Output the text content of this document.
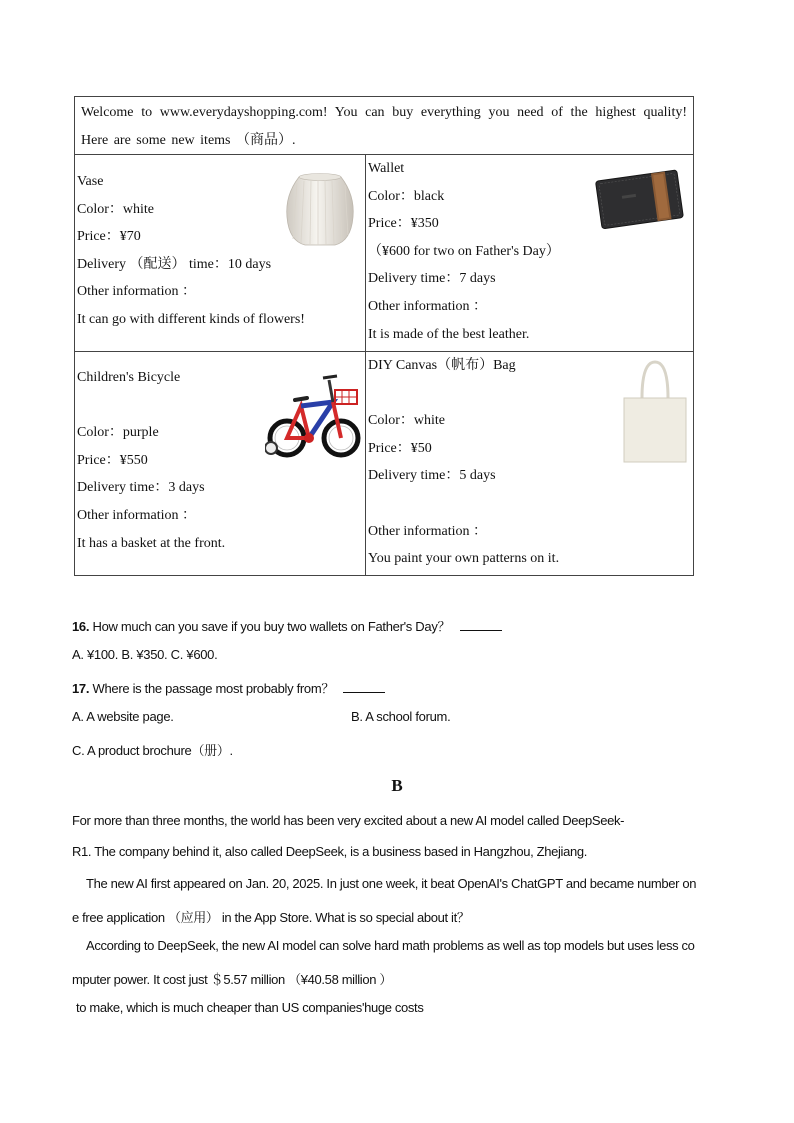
Welcome to www.everydayshopping.com! You can buy everything you need of the highest quality! Here are some new items （商品）.
Vase
Color：white
Price：¥70
Delivery （配送） time：10 days
Other information ：
It can go with different kinds of flowers!
Wallet
Color：black
Price：¥350
（¥600 for two on Father's Day）
Delivery time：7 days
Other information ：
It is made of the best leather.
Children's Bicycle
Color：purple
Price：¥550
Delivery time：3 days
Other information ：
It has a basket at the front.
DIY Canvas（帆布）Bag
Color：white
Price：¥50
Delivery time：5 days
Other information ：
You paint your own patterns on it.
16. How much can you save if you buy two wallets on Father's Day？
A. ¥100. B. ¥350. C. ¥600.
17. Where is the passage most probably from？
A. A website page.	B. A school forum.
C. A product brochure（册）.
B
For more than three months, the world has been very excited about a new AI model called DeepSeek-
R1. The company behind it, also called DeepSeek, is a business based in Hangzhou, Zhejiang.
The new AI first appeared on Jan. 20, 2025. In just one week, it beat OpenAI's ChatGPT and became number on
e free application （应用） in the App Store. What is so special about it？
According to DeepSeek, the new AI model can solve hard math problems as well as top models but uses less co
mputer power. It cost just ＄5.57 million （¥40.58 million ）
to make, which is much cheaper than US companies'huge costs
